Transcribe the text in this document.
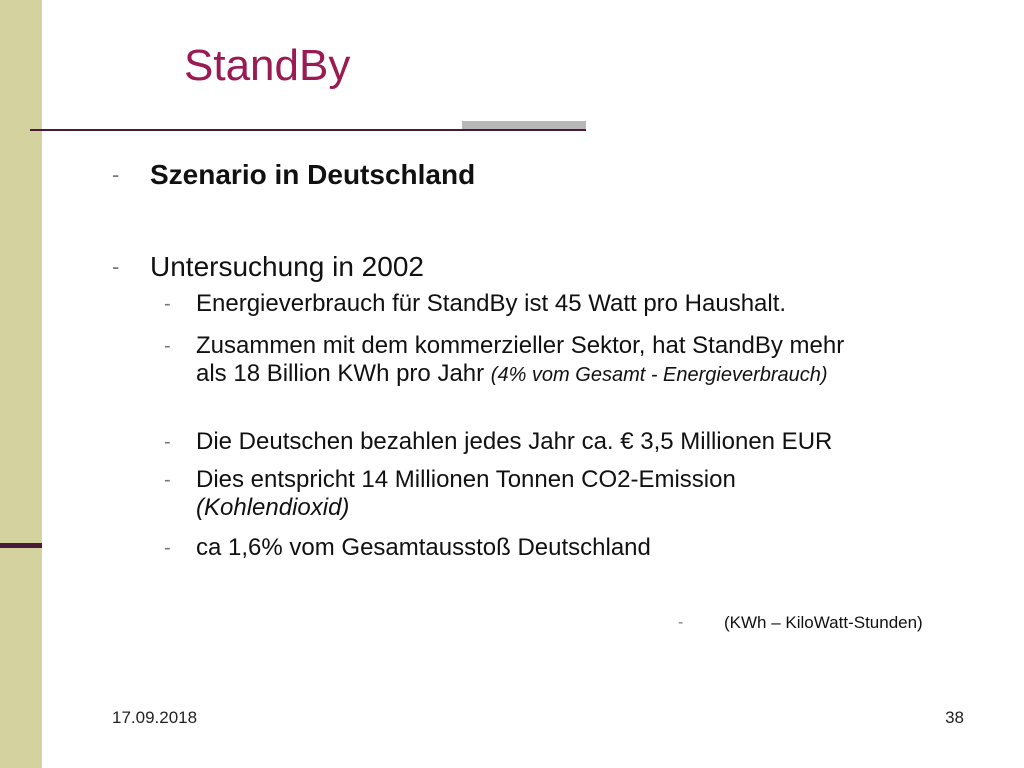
StandBy
-	Szenario in Deutschland
-	Untersuchung in 2002
-	Energieverbrauch für StandBy ist 45 Watt pro Haushalt.
-	Zusammen mit dem kommerzieller Sektor, hat StandBy mehr als 18 Billion KWh pro Jahr (4% vom Gesamt - Energieverbrauch)
-	Die Deutschen bezahlen jedes Jahr ca. € 3,5 Millionen EUR
-	Dies entspricht 14 Millionen Tonnen CO2-Emission (Kohlendioxid)
-	ca 1,6% vom Gesamtausstoß Deutschland
-	(KWh – KiloWatt-Stunden)
17.09.2018	38
